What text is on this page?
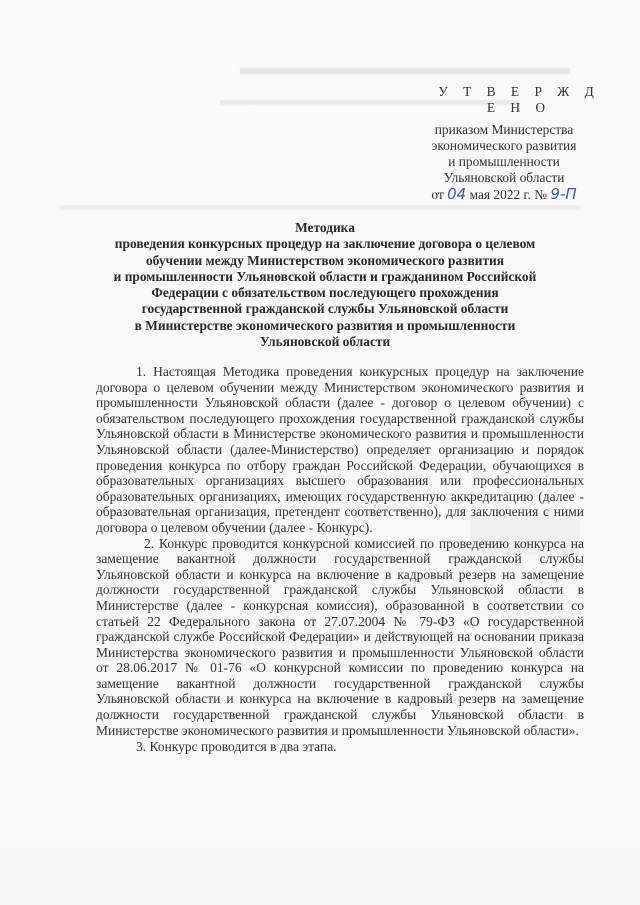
У Т В Е Р Ж Д Е Н О
приказом Министерства
экономического развития
и промышленности
Ульяновской области
от 04 мая 2022 г. № 9-П
Методика
проведения конкурсных процедур на заключение договора о целевом
обучении между Министерством экономического развития
и промышленности Ульяновской области и гражданином Российской
Федерации с обязательством последующего прохождения
государственной гражданской службы Ульяновской области
в Министерстве экономического развития и промышленности
Ульяновской области

1. Настоящая Методика проведения конкурсных процедур на заключение договора о целевом обучении между Министерством экономического развития и промышленности Ульяновской области (далее - договор о целевом обучении) с обязательством последующего прохождения государственной гражданской службы Ульяновской области в Министерстве экономического развития и промышленности Ульяновской области (далее-Министерство) определяет организацию и порядок проведения конкурса по отбору граждан Российской Федерации, обучающихся в образовательных организациях высшего образования или профессиональных образовательных организациях, имеющих государственную аккредитацию (далее - образовательная организация, претендент соответственно), для заключения с ними договора о целевом обучении (далее - Конкурс).

2. Конкурс проводится конкурсной комиссией по проведению конкурса на замещение вакантной должности государственной гражданской службы Ульяновской области и конкурса на включение в кадровый резерв на замещение должности государственной гражданской службы Ульяновской области в Министерстве (далее - конкурсная комиссия), образованной в соответствии со статьей 22 Федерального закона от 27.07.2004 № 79-ФЗ «О государственной гражданской службе Российской Федерации» и действующей на основании приказа Министерства экономического развития и промышленности Ульяновской области от 28.06.2017 № 01-76 «О конкурсной комиссии по проведению конкурса на замещение вакантной должности государственной гражданской службы Ульяновской области и конкурса на включение в кадровый резерв на замещение должности государственной гражданской службы Ульяновской области в Министерстве экономического развития и промышленности Ульяновской области».

3. Конкурс проводится в два этапа.
